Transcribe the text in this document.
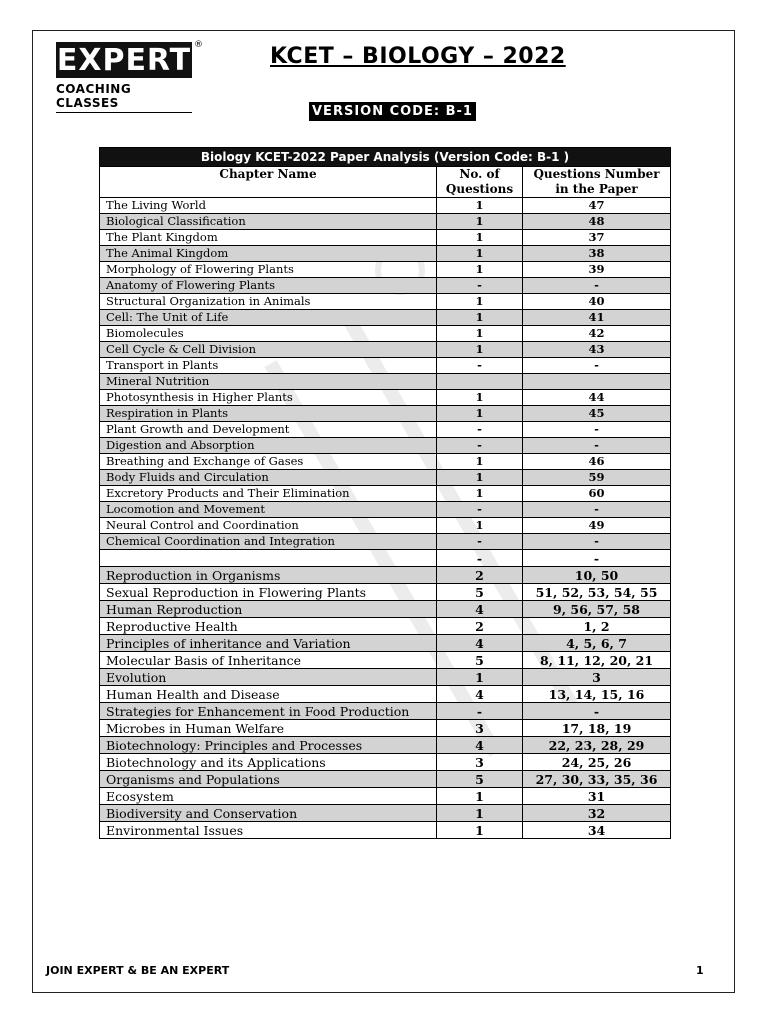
EXPERT ®
COACHING CLASSES
KCET – BIOLOGY – 2022
VERSION CODE: B-1
Biology KCET-2022 Paper Analysis (Version Code: B-1 )		
Chapter Name	No. of Questions	Questions Number in the Paper
The Living World	1	47
Biological Classification	1	48
The Plant Kingdom	1	37
The Animal Kingdom	1	38
Morphology of Flowering Plants	1	39
Anatomy of Flowering Plants	-	-
Structural Organization in Animals	1	40
Cell: The Unit of Life	1	41
Biomolecules	1	42
Cell Cycle & Cell Division	1	43
Transport in Plants	-	-
Mineral Nutrition		
Photosynthesis in Higher Plants	1	44
Respiration in Plants	1	45
Plant Growth and Development	-	-
Digestion and Absorption	-	-
Breathing and Exchange of Gases	1	46
Body Fluids and Circulation	1	59
Excretory Products and Their Elimination	1	60
Locomotion and Movement	-	-
Neural Control and Coordination	1	49
Chemical Coordination and Integration	-	-
	-	-
Reproduction in Organisms	2	10, 50
Sexual Reproduction in Flowering Plants	5	51, 52, 53, 54, 55
Human Reproduction	4	9, 56, 57, 58
Reproductive Health	2	1, 2
Principles of inheritance and Variation	4	4, 5, 6, 7
Molecular Basis of Inheritance	5	8, 11, 12, 20, 21
Evolution	1	3
Human Health and Disease	4	13, 14, 15, 16
Strategies for Enhancement in Food Production	-	-
Microbes in Human Welfare	3	17, 18, 19
Biotechnology: Principles and Processes	4	22, 23, 28, 29
Biotechnology and its Applications	3	24, 25, 26
Organisms and Populations	5	27, 30, 33, 35, 36
Ecosystem	1	31
Biodiversity and Conservation	1	32
Environmental Issues	1	34
JOIN EXPERT & BE AN EXPERT	1
